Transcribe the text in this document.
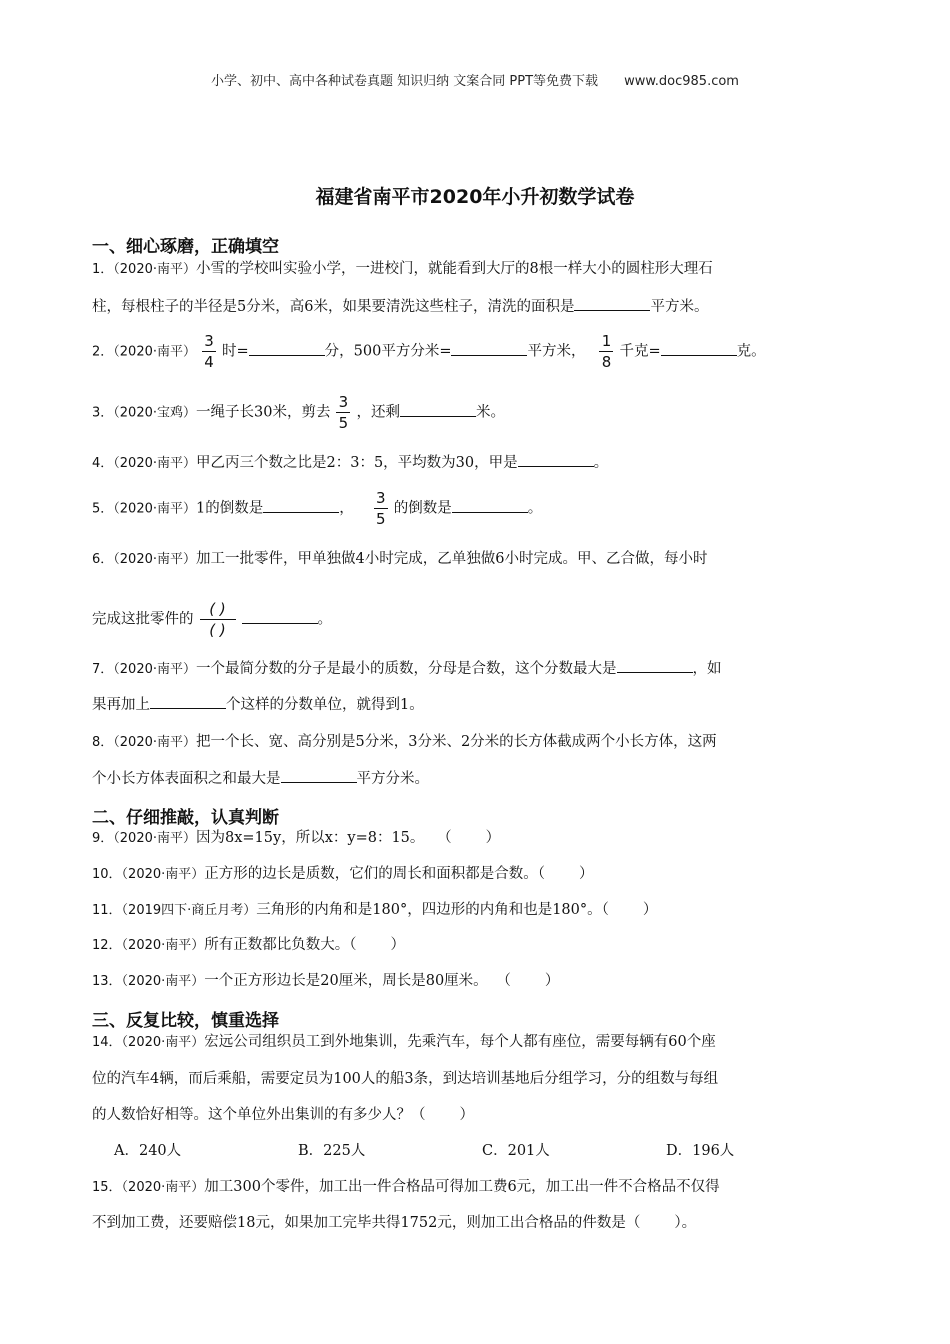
小学、初中、高中各种试卷真题 知识归纳 文案合同 PPT等免费下载 www.doc985.com
福建省南平市2020年小升初数学试卷
一、细心琢磨，正确填空
1．（2020·南平）小雪的学校叫实验小学，一进校门，就能看到大厅的8根一样大小的圆柱形大理石
柱，每根柱子的半径是5分米，高6米，如果要清洗这些柱子，清洗的面积是	平方米。
2．（2020·南平） $\frac{3}{4}$ 时=	分，500平方分米=	平方米， $\frac{1}{8}$ 千克=	克。
3．（2020·宝鸡）一绳子长30米，剪去 $\frac{3}{5}$ ，还剩	米。
4．（2020·南平）甲乙丙三个数之比是2：3：5，平均数为30，甲是	。
5．（2020·南平）1的倒数是	， $\frac{3}{5}$ 的倒数是	。
6．（2020·南平）加工一批零件，甲单独做4小时完成，乙单独做6小时完成。甲、乙合做，每小时
完成这批零件的 $\frac{( )}{( )}$	。
7．（2020·南平）一个最简分数的分子是最小的质数，分母是合数，这个分数最大是	，如
果再加上	个这样的分数单位，就得到1。
8．（2020·南平）把一个长、宽、高分别是5分米，3分米、2分米的长方体截成两个小长方体，这两
个小长方体表面积之和最大是	平方分米。
二、仔细推敲，认真判断
9．（2020·南平）因为8x=15y，所以x：y=8：15。 （ ）
10．（2020·南平）正方形的边长是质数，它们的周长和面积都是合数。（ ）
11．（2019四下·商丘月考）三角形的内角和是180°，四边形的内角和也是180°。（ ）
12．（2020·南平）所有正数都比负数大。（ ）
13．（2020·南平）一个正方形边长是20厘米，周长是80厘米。 （ ）
三、反复比较，慎重选择
14．（2020·南平）宏远公司组织员工到外地集训，先乘汽车，每个人都有座位，需要每辆有60个座
位的汽车4辆，而后乘船，需要定员为100人的船3条，到达培训基地后分组学习，分的组数与每组
的人数恰好相等。这个单位外出集训的有多少人？（ ）
A．240人	B．225人	C．201人	D．196人
15．（2020·南平）加工300个零件，加工出一件合格品可得加工费6元，加工出一件不合格品不仅得
不到加工费，还要赔偿18元，如果加工完毕共得1752元，则加工出合格品的件数是（ ）。
